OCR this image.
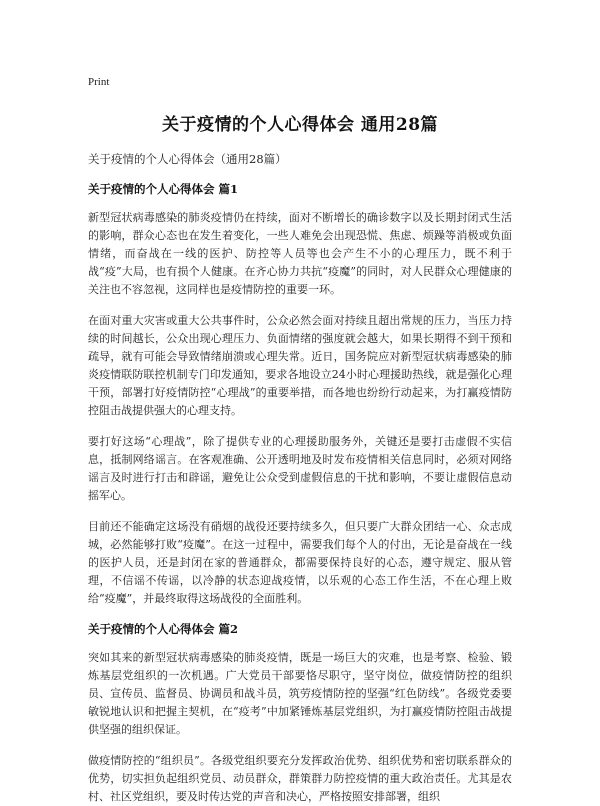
Print
关于疫情的个人心得体会 通用28篇

关于疫情的个人心得体会（通用28篇）

关于疫情的个人心得体会 篇1

新型冠状病毒感染的肺炎疫情仍在持续，面对不断增长的确诊数字以及长期封闭式生活的影响，群众心态也在发生着变化，一些人难免会出现恐慌、焦虑、烦躁等消极或负面情绪，而奋战在一线的医护、防控等人员等也会产生不小的心理压力，既不利于战“疫”大局，也有损个人健康。在齐心协力共抗“疫魔”的同时，对人民群众心理健康的关注也不容忽视，这同样也是疫情防控的重要一环。

在面对重大灾害或重大公共事件时，公众必然会面对持续且超出常规的压力，当压力持续的时间越长，公众出现心理压力、负面情绪的强度就会越大，如果长期得不到干预和疏导，就有可能会导致情绪崩溃或心理失常。近日，国务院应对新型冠状病毒感染的肺炎疫情联防联控机制专门印发通知，要求各地设立24小时心理援助热线，就是强化心理干预，部署打好疫情防控“心理战”的重要举措，而各地也纷纷行动起来，为打赢疫情防控阻击战提供强大的心理支持。

要打好这场“心理战”，除了提供专业的心理援助服务外，关键还是要打击虚假不实信息，抵制网络谣言。在客观准确、公开透明地及时发布疫情相关信息同时，必须对网络谣言及时进行打击和辟谣，避免让公众受到虚假信息的干扰和影响，不要让虚假信息动摇军心。

目前还不能确定这场没有硝烟的战役还要持续多久，但只要广大群众团结一心、众志成城，必然能够打败“疫魔”。在这一过程中，需要我们每个人的付出，无论是奋战在一线的医护人员，还是封闭在家的普通群众，都需要保持良好的心态，遵守规定、服从管理，不信谣不传谣，以冷静的状态迎战疫情，以乐观的心态工作生活，不在心理上败给“疫魔”，并最终取得这场战役的全面胜利。

关于疫情的个人心得体会 篇2

突如其来的新型冠状病毒感染的肺炎疫情，既是一场巨大的灾难，也是考察、检验、锻炼基层党组织的一次机遇。广大党员干部要恪尽职守，坚守岗位，做疫情防控的组织员、宣传员、监督员、协调员和战斗员，筑劳疫情防控的坚强“红色防线”。各级党委要敏锐地认识和把握主契机，在“疫考”中加紧锤炼基层党组织，为打赢疫情防控阻击战提供坚强的组织保证。

做疫情防控的“组织员”。各级党组织要充分发挥政治优势、组织优势和密切联系群众的优势，切实担负起组织党员、动员群众，群策群力防控疫情的重大政治责任。尤其是农村、社区党组织，要及时传达党的声音和决心，严格按照安排部署，组织
